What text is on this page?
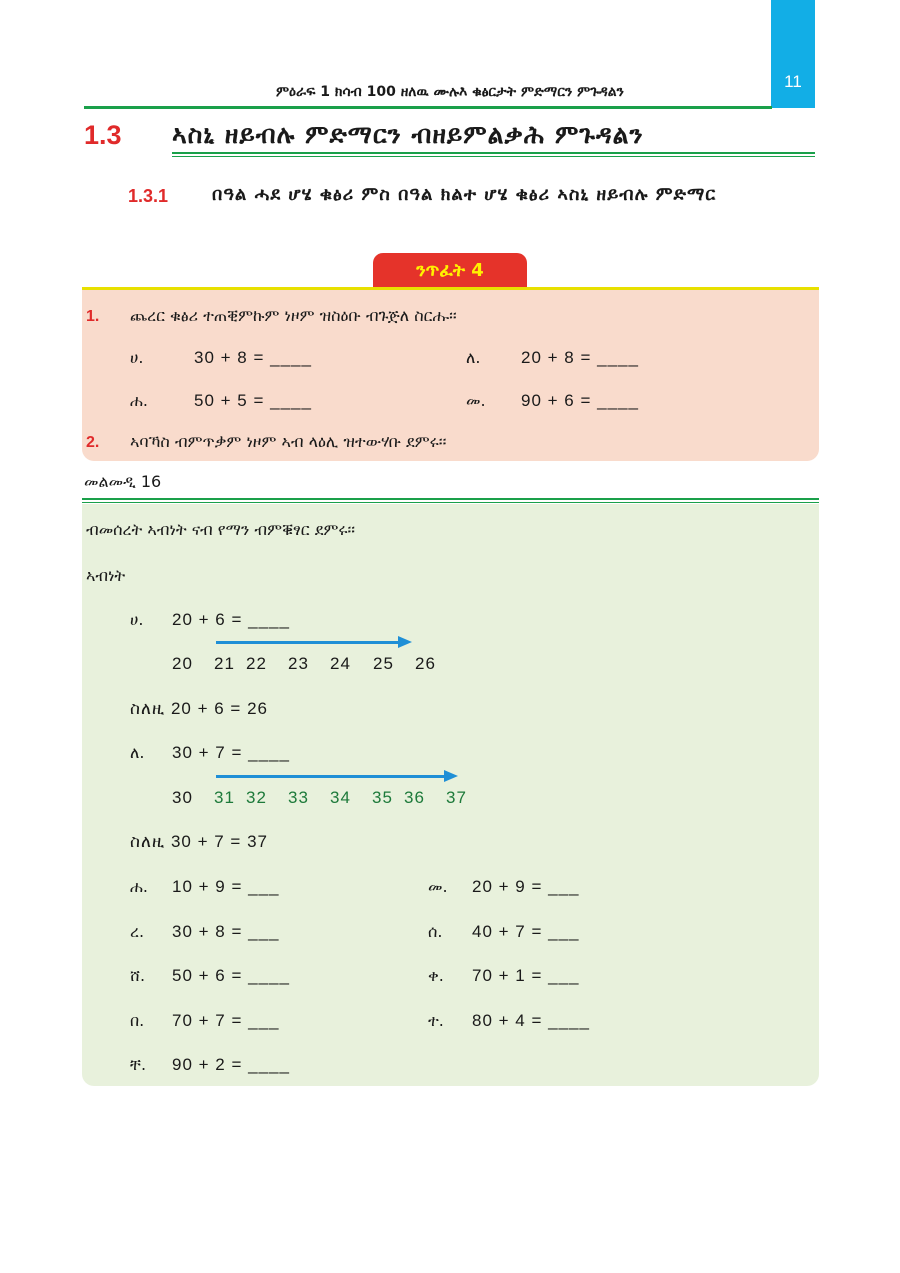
11
ምዕራፍ 1 ክሳብ 100 ዘለዉ ሙሉእ ቁፅርታት ምድማርን ምጉዳልን
1.3 ኣስኒ ዘይብሉ ምድማርን ብዘይምልቃሕ ምጉዳልን
1.3.1 በዓል ሓደ ሆሄ ቁፅሪ ምስ በዓል ክልተ ሆሄ ቁፅሪ ኣስኒ ዘይብሉ ምድማር
ንጥፈት 4
1. ጨረር ቁፅሪ ተጠቒምኩም ነዞም ዝስዕቡ ብጉጅለ ስርሑ፡፡
ሀ.	30 + 8 = ____	ለ. 20 + 8 = ____
ሐ.	50 + 5 = ____	መ. 90 + 6 = ____
2. ኣባኻስ ብምጥቃም ነዞም ኣብ ላዕሊ ዝተውሃቡ ደምሩ፡፡
መልመዲ 16
ብመሰረት ኣብነት ናብ የማን ብምቑፃር ደምሩ፡፡
ኣብነት
ሀ. 20 + 6 = ____
20 21 22 23 24 25 26
ስለዚ 20 + 6 = 26
ለ. 30 + 7 = ____
30 31 32 33 34 35 36 37
ስለዚ 30 + 7 = 37
ሐ. 10 + 9 = ___	መ. 20 + 9 = ___
ረ. 30 + 8 = ___	ሰ. 40 + 7 = ___
ሸ. 50 + 6 = ____	ቀ. 70 + 1 = ___
በ. 70 + 7 = ___	ተ. 80 + 4 = ____
ቸ. 90 + 2 = ____
